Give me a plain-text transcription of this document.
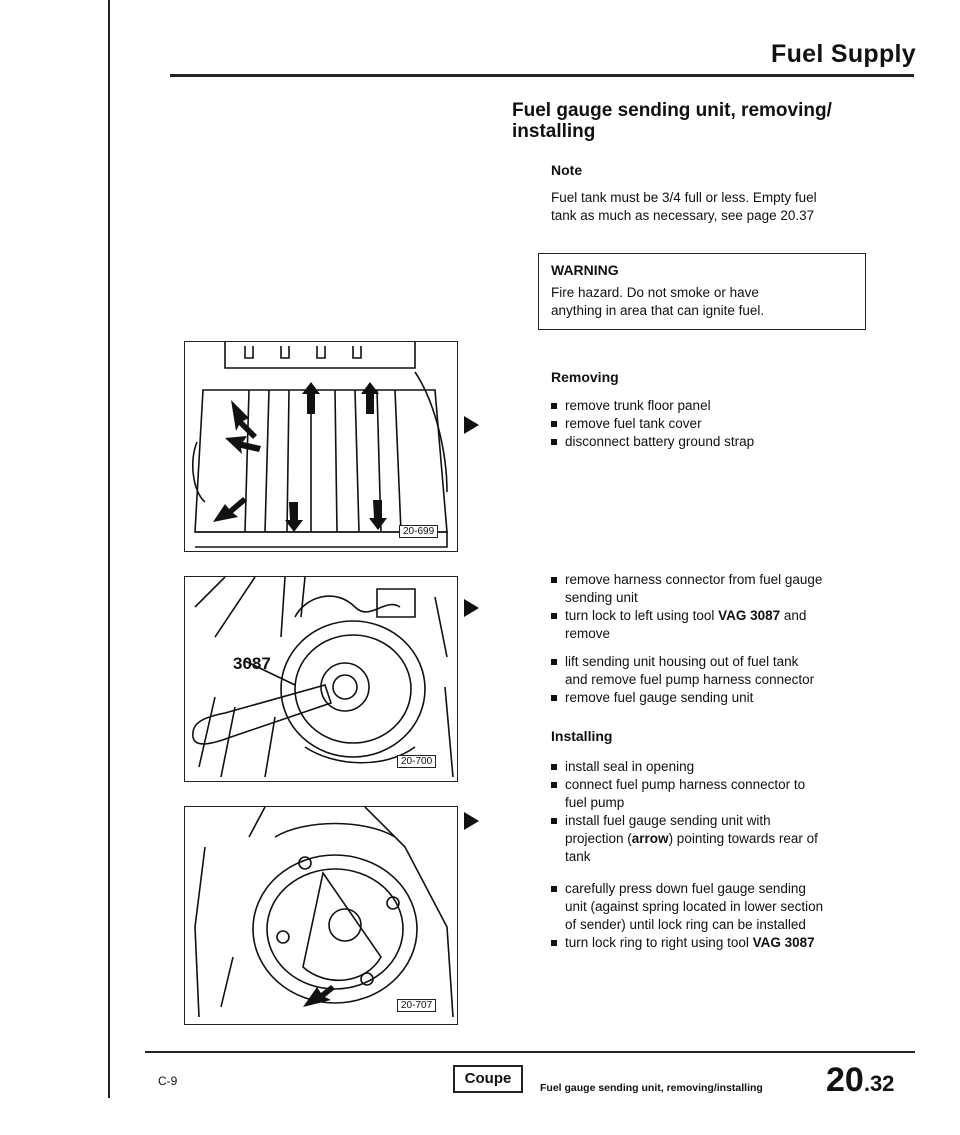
Fuel Supply
Fuel gauge sending unit, removing/
installing
Note
Fuel tank must be 3/4 full or less. Empty fuel
tank as much as necessary, see page 20.37
WARNING
Fire hazard. Do not smoke or have
anything in area that can ignite fuel.
Removing
remove trunk floor panel
remove fuel tank cover
disconnect battery ground strap
remove harness connector from fuel gauge
sending unit
turn lock to left using tool VAG 3087 and
remove
lift sending unit housing out of fuel tank
and remove fuel pump harness connector
remove fuel gauge sending unit
Installing
install seal in opening
connect fuel pump harness connector to
fuel pump
install fuel gauge sending unit with
projection (arrow) pointing towards rear of
tank
carefully press down fuel gauge sending
unit (against spring located in lower section
of sender) until lock ring can be installed
turn lock ring to right using tool VAG 3087
20-699
3087
20-700
20-707
C-9	Coupe
Fuel gauge sending unit, removing/installing 20.32
